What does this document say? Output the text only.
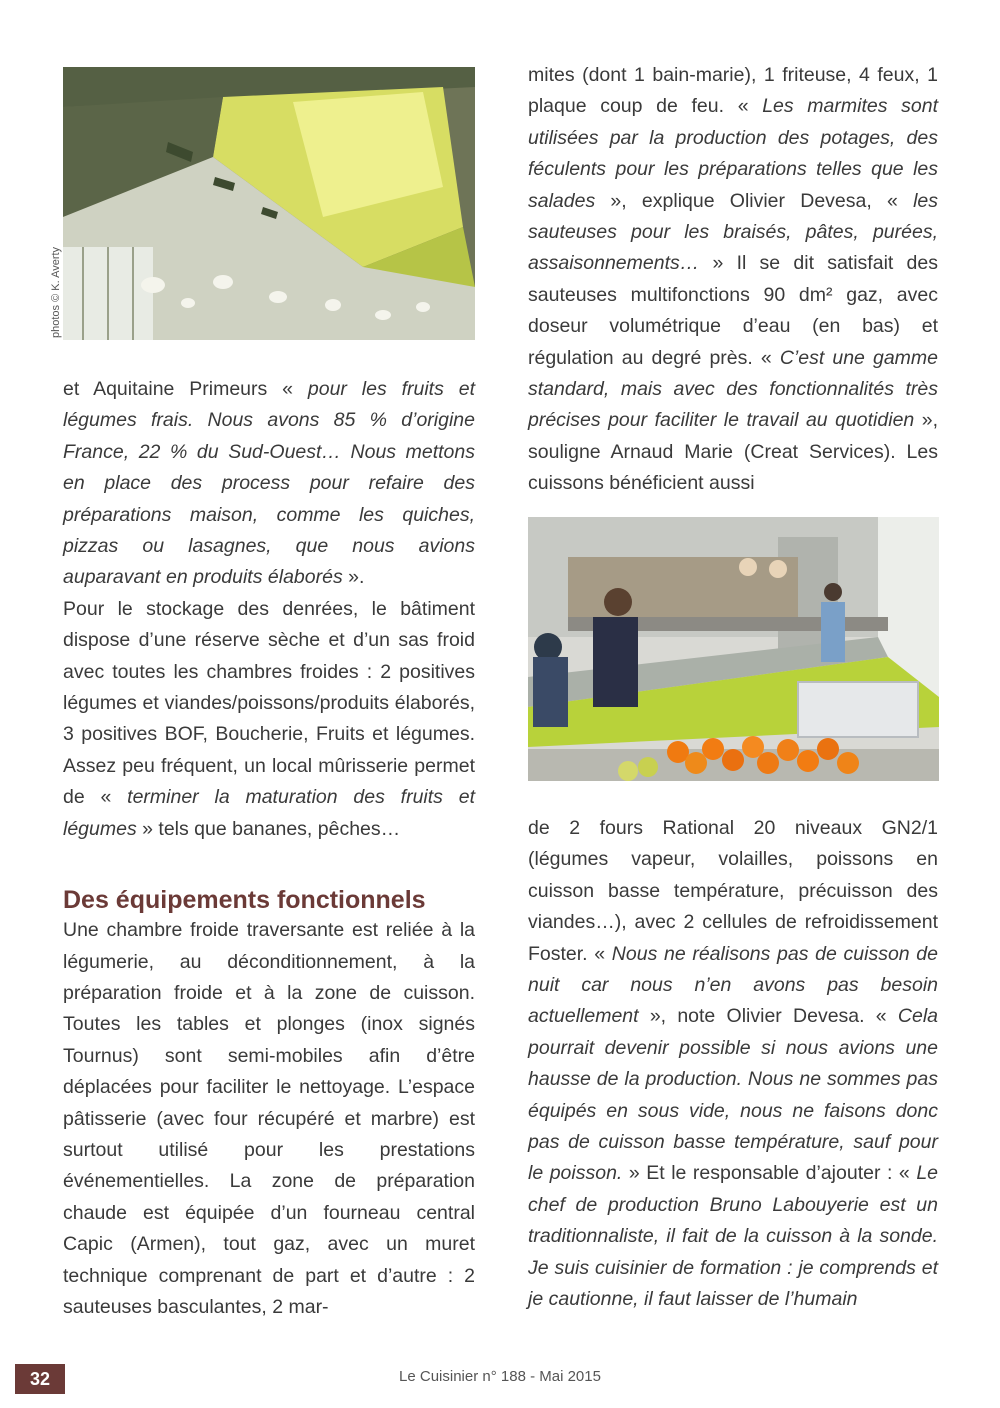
photos © K. Averty

et Aquitaine Primeurs « pour les fruits et légumes frais. Nous avons 85 % d’origine France, 22 % du Sud-Ouest… Nous mettons en place des process pour refaire des préparations maison, comme les quiches, pizzas ou lasagnes, que nous avions auparavant en produits élaborés ».

Pour le stockage des denrées, le bâtiment dispose d’une réserve sèche et d’un sas froid avec toutes les chambres froides : 2 positives légumes et viandes/poissons/produits élaborés, 3 positives BOF, Boucherie, Fruits et légumes. Assez peu fréquent, un local mûrisserie permet de « terminer la maturation des fruits et légumes » tels que bananes, pêches…

Des équipements fonctionnels

Une chambre froide traversante est reliée à la légumerie, au déconditionnement, à la préparation froide et à la zone de cuisson. Toutes les tables et plonges (inox signés Tournus) sont semi-mobiles afin d’être déplacées pour faciliter le nettoyage. L’espace pâtisserie (avec four récupéré et marbre) est surtout utilisé pour les prestations événementielles. La zone de préparation chaude est équipée d’un fourneau central Capic (Armen), tout gaz, avec un muret technique comprenant de part et d’autre : 2 sauteuses basculantes, 2 mar-

mites (dont 1 bain-marie), 1 friteuse, 4 feux, 1 plaque coup de feu. « Les marmites sont utilisées par la production des potages, des féculents pour les préparations telles que les salades », explique Olivier Devesa, « les sauteuses pour les braisés, pâtes, purées, assaisonnements… » Il se dit satisfait des sauteuses multifonctions 90 dm² gaz, avec doseur volumétrique d’eau (en bas) et régulation au degré près. « C’est une gamme standard, mais avec des fonctionnalités très précises pour faciliter le travail au quotidien », souligne Arnaud Marie (Creat Services). Les cuissons bénéficient aussi

de 2 fours Rational 20 niveaux GN2/1 (légumes vapeur, volailles, poissons en cuisson basse température, précuisson des viandes…), avec 2 cellules de refroidissement Foster. « Nous ne réalisons pas de cuisson de nuit car nous n’en avons pas besoin actuellement », note Olivier Devesa. « Cela pourrait devenir possible si nous avions une hausse de la production. Nous ne sommes pas équipés en sous vide, nous ne faisons donc pas de cuisson basse température, sauf pour le poisson. » Et le responsable d’ajouter : « Le chef de production Bruno Labouyerie est un traditionnaliste, il fait de la cuisson à la sonde. Je suis cuisinier de formation : je comprends et je cautionne, il faut laisser de l’humain

32	Le Cuisinier n° 188 - Mai 2015
